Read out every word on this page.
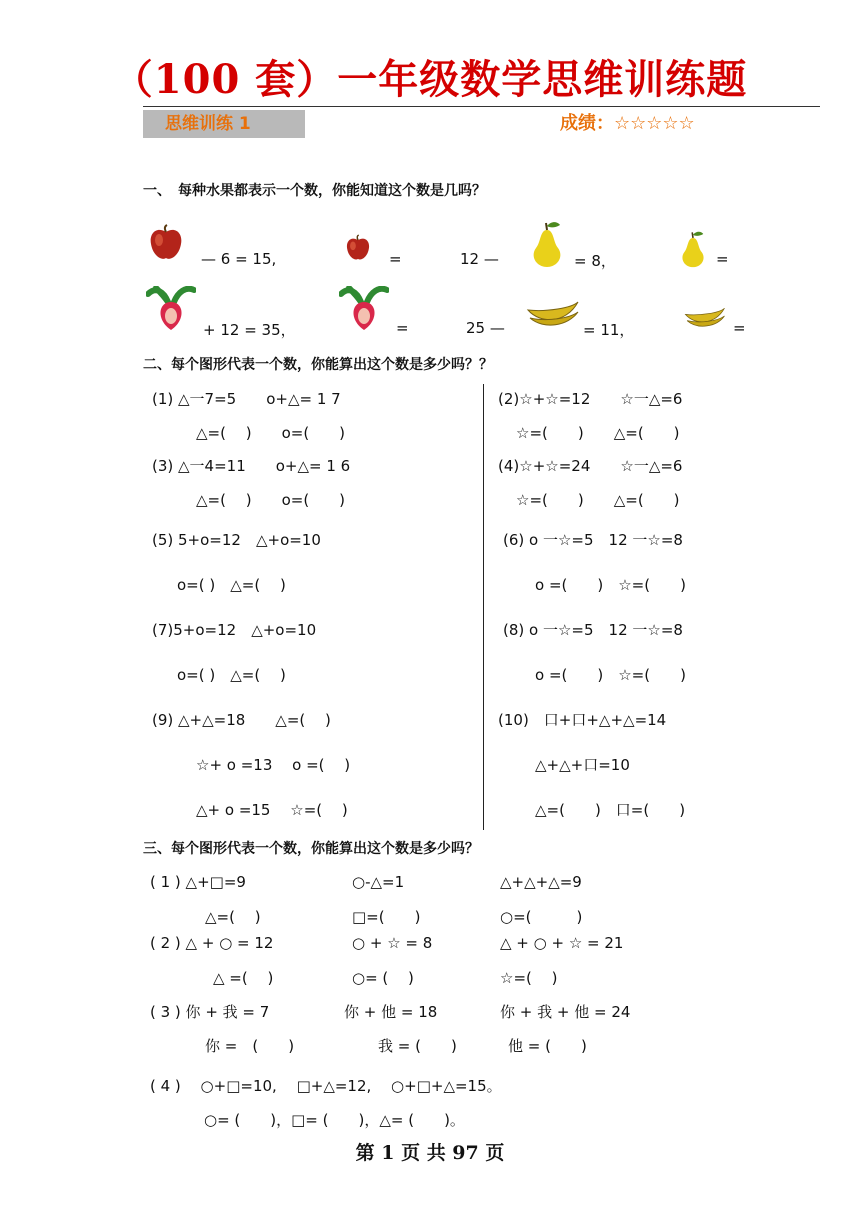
（100 套）一年级数学思维训练题
思维训练 1	成绩：☆☆☆☆☆
一、　每种水果都表示一个数，你能知道这个数是几吗？
— 6 = 15,	=	12 —	= 8，	=
+ 12 = 35，	=	25 —	= 11，	=
二、每个图形代表一个数，你能算出这个数是多少吗？？
(1) △一7=5　　o+△= 1 7
△=(　 )　　o=(　　)
(3) △一4=11　　o+△= 1 6
△=(　 )　　o=(　　)
(5) 5+o=12　△+o=10
o=( )　△=(　 )
(7)5+o=12　△+o=10
o=( )　△=(　 )
(9) △+△=18　　△=(　 )
☆+ o =13　 o =(　 )
△+ o =15　 ☆=(　 )
(2)☆+☆=12　　☆一△=6
☆=(　　)　　△=(　　)
(4)☆+☆=24　　☆一△=6
☆=(　　)　　△=(　　)
(6) o 一☆=5　12 一☆=8
o =(　　)　☆=(　　)
(8) o 一☆=5　12 一☆=8
o =(　　)　☆=(　　)
(10)　口+口+△+△=14
△+△+口=10
△=(　　)　口=(　　)
三、每个图形代表一个数，你能算出这个数是多少吗？
( 1 ) △+□=9	○-△=1	△+△+△=9
△=(　 )	□=(　　)	○=(　　　)
( 2 ) △ + ○ = 12	○ + ☆ = 8	△ + ○ + ☆ = 21
△ =(　 )	○= (　 )	☆=(　 )
( 3 ) 你 + 我 = 7	你 + 他 = 18	你 + 我 + 他 = 24
你 =　(　　)	我 = (　　)	他 = (　　)
( 4 )　 ○+□=10,　 □+△=12,　 ○+□+△=15。
○= (　　)，□= (　　)，△= (　　)。
第 1 页 共 97 页
